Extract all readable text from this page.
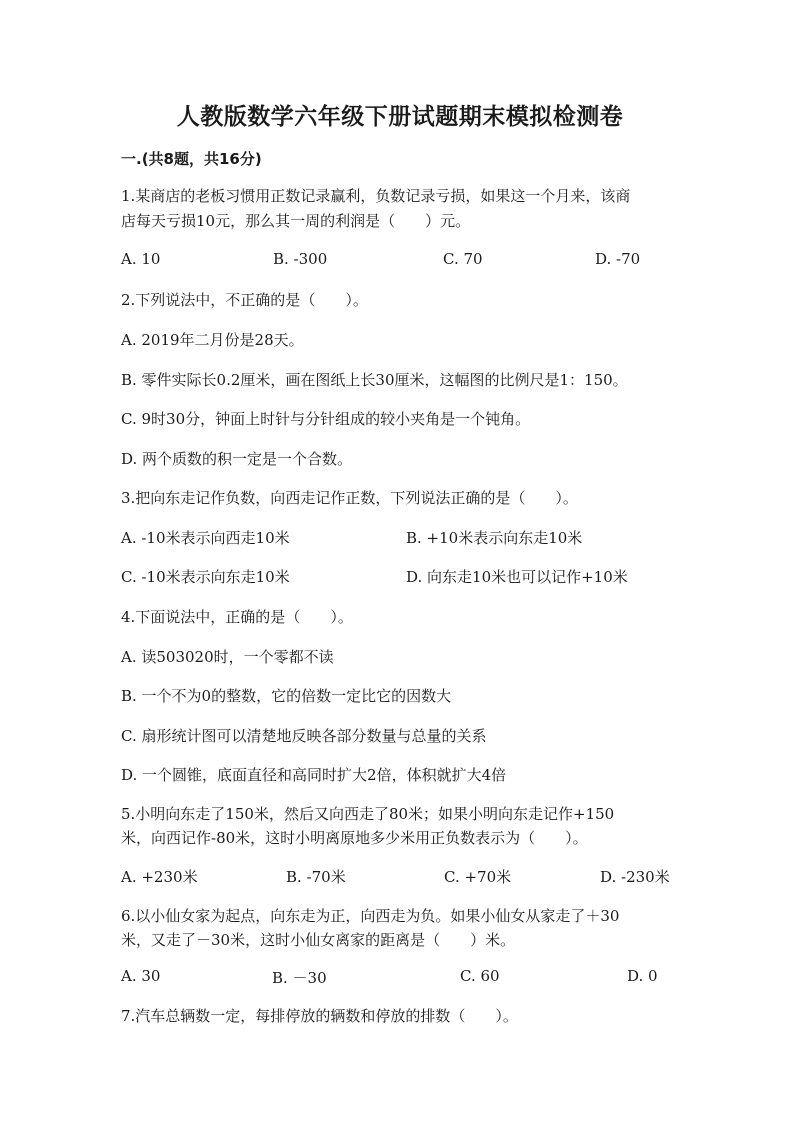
人教版数学六年级下册试题期末模拟检测卷
一.(共8题，共16分)
1.某商店的老板习惯用正数记录赢利，负数记录亏损，如果这一个月来，该商
店每天亏损10元，那么其一周的利润是（　　）元。
A. 10	B. -300	C. 70	D. -70
2.下列说法中，不正确的是（　　）。
A. 2019年二月份是28天。
B. 零件实际长0.2厘米，画在图纸上长30厘米，这幅图的比例尺是1：150。
C. 9时30分，钟面上时针与分针组成的较小夹角是一个钝角。
D. 两个质数的积一定是一个合数。
3.把向东走记作负数，向西走记作正数，下列说法正确的是（　　）。
A. -10米表示向西走10米	B. +10米表示向东走10米
C. -10米表示向东走10米	D. 向东走10米也可以记作+10米
4.下面说法中，正确的是（　　）。
A. 读503020时，一个零都不读
B. 一个不为0的整数，它的倍数一定比它的因数大
C. 扇形统计图可以清楚地反映各部分数量与总量的关系
D. 一个圆锥，底面直径和高同时扩大2倍，体积就扩大4倍
5.小明向东走了150米，然后又向西走了80米；如果小明向东走记作+150
米，向西记作-80米，这时小明离原地多少米用正负数表示为（　　）。
A. +230米	B. -70米	C. +70米	D. -230米
6.以小仙女家为起点，向东走为正，向西走为负。如果小仙女从家走了＋30
米，又走了－30米，这时小仙女离家的距离是（　　）米。
A. 30	B. －30	C. 60	D. 0
7.汽车总辆数一定，每排停放的辆数和停放的排数（　　）。
